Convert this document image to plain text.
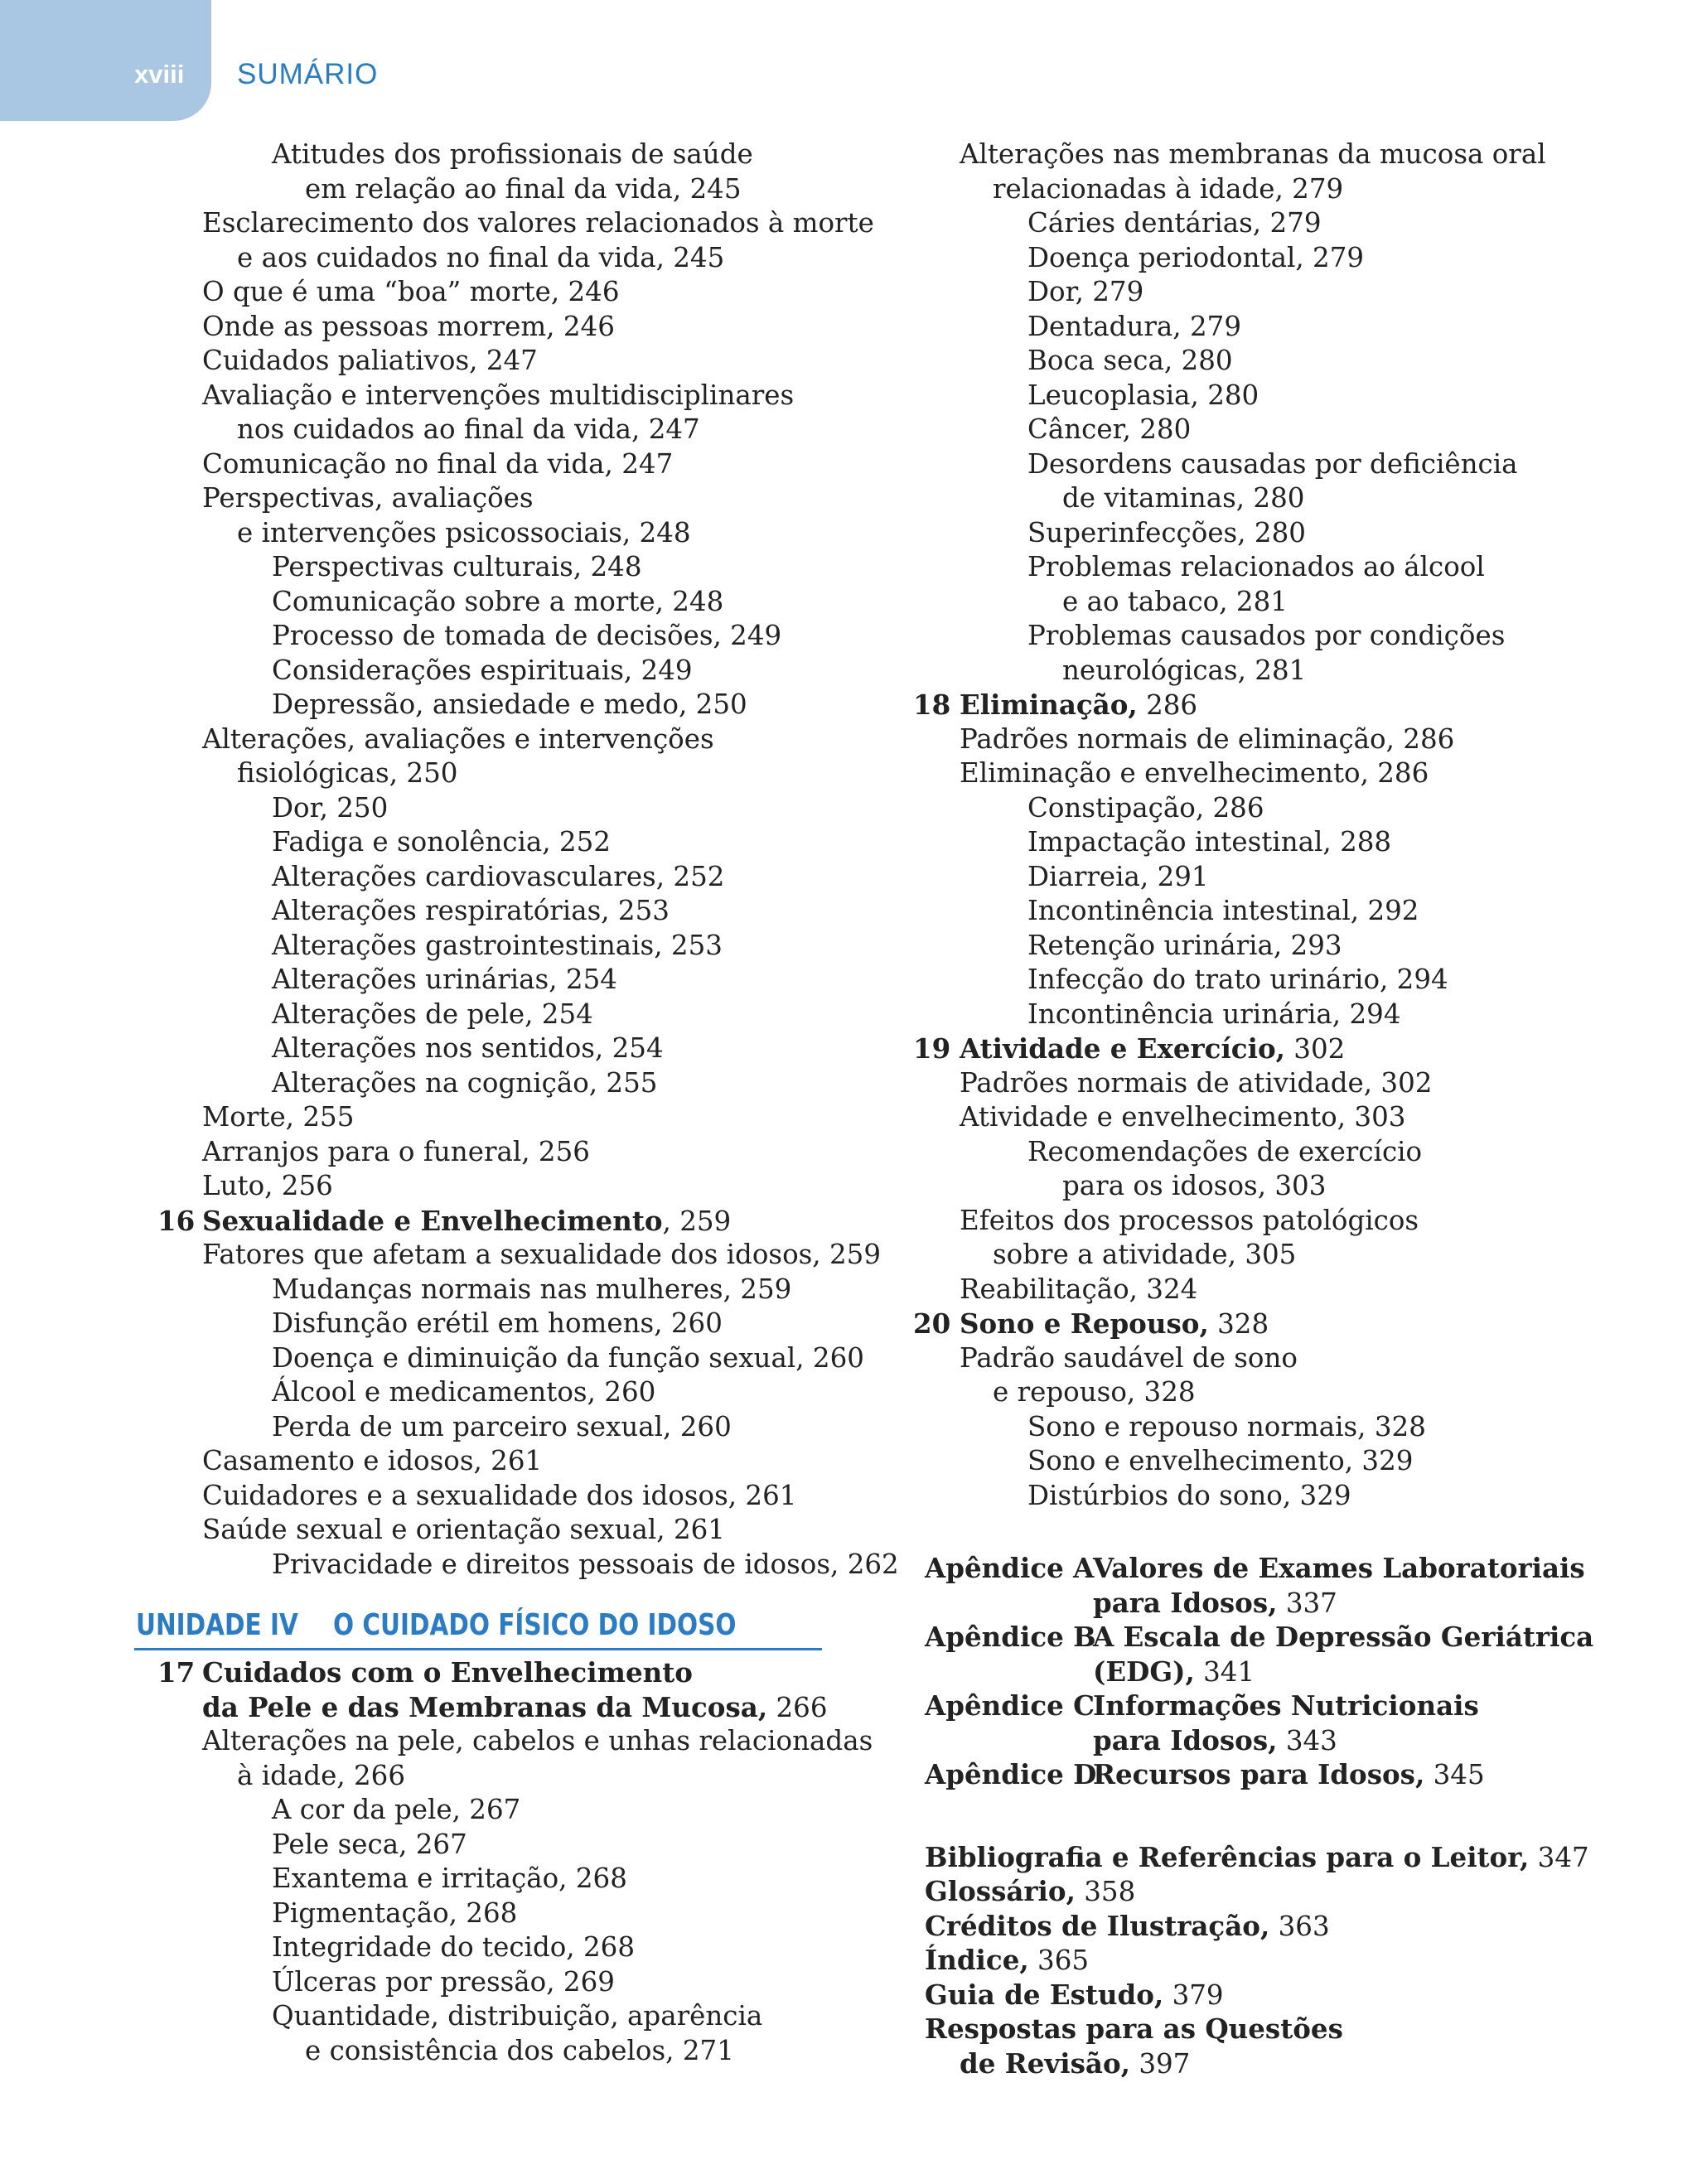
xviii SUMÁRIO
Atitudes dos profissionais de saúde
em relação ao final da vida, 245
Esclarecimento dos valores relacionados à morte
e aos cuidados no final da vida, 245
O que é uma “boa” morte, 246
Onde as pessoas morrem, 246
Cuidados paliativos, 247
Avaliação e intervenções multidisciplinares
nos cuidados ao final da vida, 247
Comunicação no final da vida, 247
Perspectivas, avaliações
e intervenções psicossociais, 248
Perspectivas culturais, 248
Comunicação sobre a morte, 248
Processo de tomada de decisões, 249
Considerações espirituais, 249
Depressão, ansiedade e medo, 250
Alterações, avaliações e intervenções
fisiológicas, 250
Dor, 250
Fadiga e sonolência, 252
Alterações cardiovasculares, 252
Alterações respiratórias, 253
Alterações gastrointestinais, 253
Alterações urinárias, 254
Alterações de pele, 254
Alterações nos sentidos, 254
Alterações na cognição, 255
Morte, 255
Arranjos para o funeral, 256
Luto, 256
16 Sexualidade e Envelhecimento, 259
Fatores que afetam a sexualidade dos idosos, 259
Mudanças normais nas mulheres, 259
Disfunção erétil em homens, 260
Doença e diminuição da função sexual, 260
Álcool e medicamentos, 260
Perda de um parceiro sexual, 260
Casamento e idosos, 261
Cuidadores e a sexualidade dos idosos, 261
Saúde sexual e orientação sexual, 261
Privacidade e direitos pessoais de idosos, 262
UNIDADE IV O CUIDADO FÍSICO DO IDOSO
17 Cuidados com o Envelhecimento
da Pele e das Membranas da Mucosa, 266
Alterações na pele, cabelos e unhas relacionadas
à idade, 266
A cor da pele, 267
Pele seca, 267
Exantema e irritação, 268
Pigmentação, 268
Integridade do tecido, 268
Úlceras por pressão, 269
Quantidade, distribuição, aparência
e consistência dos cabelos, 271
Alterações nas membranas da mucosa oral
relacionadas à idade, 279
Cáries dentárias, 279
Doença periodontal, 279
Dor, 279
Dentadura, 279
Boca seca, 280
Leucoplasia, 280
Câncer, 280
Desordens causadas por deficiência
de vitaminas, 280
Superinfecções, 280
Problemas relacionados ao álcool
e ao tabaco, 281
Problemas causados por condições
neurológicas, 281
18 Eliminação, 286
Padrões normais de eliminação, 286
Eliminação e envelhecimento, 286
Constipação, 286
Impactação intestinal, 288
Diarreia, 291
Incontinência intestinal, 292
Retenção urinária, 293
Infecção do trato urinário, 294
Incontinência urinária, 294
19 Atividade e Exercício, 302
Padrões normais de atividade, 302
Atividade e envelhecimento, 303
Recomendações de exercício
para os idosos, 303
Efeitos dos processos patológicos
sobre a atividade, 305
Reabilitação, 324
20 Sono e Repouso, 328
Padrão saudável de sono
e repouso, 328
Sono e repouso normais, 328
Sono e envelhecimento, 329
Distúrbios do sono, 329
Apêndice A
Valores de Exames Laboratoriais
para Idosos, 337
Apêndice B
A Escala de Depressão Geriátrica
(EDG), 341
Apêndice C
Informações Nutricionais
para Idosos, 343
Apêndice D
Recursos para Idosos, 345
Bibliografia e Referências para o Leitor, 347
Glossário, 358
Créditos de Ilustração, 363
Índice, 365
Guia de Estudo, 379
Respostas para as Questões
de Revisão, 397
